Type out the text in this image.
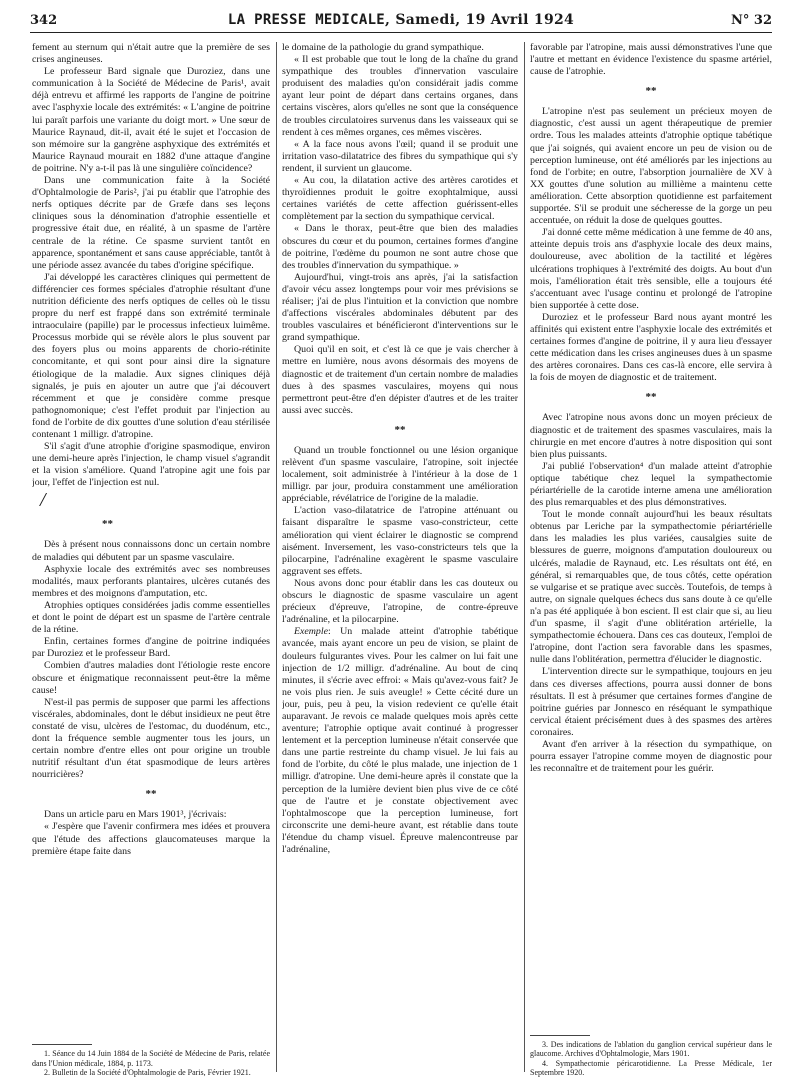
342	LA PRESSE MEDICALE, Samedi, 19 Avril 1924	N° 32

fement au sternum qui n'était autre que la première de ses crises angineuses.

Le professeur Bard signale que Duroziez, dans une communication à la Société de Médecine de Paris¹, avait déjà entrevu et affirmé les rapports de l'angine de poitrine avec l'asphyxie locale des extrémités: « L'angine de poitrine lui paraît parfois une variante du doigt mort. » Une sœur de Maurice Raynaud, dit-il, avait été le sujet et l'occasion de son mémoire sur la gangrène asphyxique des extrémités et Maurice Raynaud mourait en 1882 d'une attaque d'angine de poitrine. N'y a-t-il pas là une singulière coïncidence?

Dans une communication faite à la Société d'Ophtalmologie de Paris², j'ai pu établir que l'atrophie des nerfs optiques décrite par de Græfe dans ses leçons cliniques sous la dénomination d'atrophie essentielle et progressive était due, en réalité, à un spasme de l'artère centrale de la rétine. Ce spasme survient tantôt en apparence, spontanément et sans cause appréciable, tantôt à une période assez avancée du tabes d'origine spécifique.

J'ai développé les caractères cliniques qui permettent de différencier ces formes spéciales d'atrophie résultant d'une nutrition déficiente des nerfs optiques de celles où le tissu propre du nerf est frappé dans son extrémité terminale intraoculaire (papille) par le processus infectieux luimême. Processus morbide qui se révèle alors le plus souvent par des foyers plus ou moins apparents de chorio-rétinite concomitante, et qui sont pour ainsi dire la signature étiologique de la maladie. Aux signes cliniques déjà signalés, je puis en ajouter un autre que j'ai découvert récemment et que je considère comme presque pathognomonique; c'est l'effet produit par l'injection au fond de l'orbite de dix gouttes d'une solution d'eau stérilisée contenant 1 milligr. d'atropine.

S'il s'agit d'une atrophie d'origine spasmodique, environ une demi-heure après l'injection, le champ visuel s'agrandit et la vision s'améliore. Quand l'atropine agit une fois par jour, l'effet de l'injection est nul.

/
**

Dès à présent nous connaissons donc un certain nombre de maladies qui débutent par un spasme vasculaire.

Asphyxie locale des extrémités avec ses nombreuses modalités, maux perforants plantaires, ulcères cutanés des membres et des moignons d'amputation, etc.

Atrophies optiques considérées jadis comme essentielles et dont le point de départ est un spasme de l'artère centrale de la rétine.

Enfin, certaines formes d'angine de poitrine indiquées par Duroziez et le professeur Bard.

Combien d'autres maladies dont l'étiologie reste encore obscure et énigmatique reconnaissent peut-être la même cause!

N'est-il pas permis de supposer que parmi les affections viscérales, abdominales, dont le début insidieux ne peut être constaté de visu, ulcères de l'estomac, du duodénum, etc., dont la fréquence semble augmenter tous les jours, un certain nombre d'entre elles ont pour origine un trouble nutritif résultant d'un état spasmodique de leurs artères nourricières?

**

Dans un article paru en Mars 1901³, j'écrivais:

« J'espère que l'avenir confirmera mes idées et prouvera que l'étude des affections glaucomateuses marque la première étape faite dans

1. Séance du 14 Juin 1884 de la Société de Médecine de Paris, relatée dans l'Union médicale, 1884, p. 1173.

2. Bulletin de la Société d'Ophtalmologie de Paris, Février 1921.

le domaine de la pathologie du grand sympathique.

« Il est probable que tout le long de la chaîne du grand sympathique des troubles d'innervation vasculaire produisent des maladies qu'on considérait jadis comme ayant leur point de départ dans certains organes, dans certains viscères, alors qu'elles ne sont que la conséquence de troubles circulatoires survenus dans les vaisseaux qui se rendent à ces mêmes organes, ces mêmes viscères.

« A la face nous avons l'œil; quand il se produit une irritation vaso-dilatatrice des fibres du sympathique qui s'y rendent, il survient un glaucome.

« Au cou, la dilatation active des artères carotides et thyroïdiennes produit le goitre exophtalmique, aussi certaines variétés de cette affection guérissent-elles complètement par la section du sympathique cervical.

« Dans le thorax, peut-être que bien des maladies obscures du cœur et du poumon, certaines formes d'angine de poitrine, l'œdème du poumon ne sont autre chose que des troubles d'innervation du sympathique. »

Aujourd'hui, vingt-trois ans après, j'ai la satisfaction d'avoir vécu assez longtemps pour voir mes prévisions se réaliser; j'ai de plus l'intuition et la conviction que nombre d'affections viscérales abdominales débutent par des troubles vasculaires et bénéficieront d'interventions sur le grand sympathique.

Quoi qu'il en soit, et c'est là ce que je vais chercher à mettre en lumière, nous avons désormais des moyens de diagnostic et de traitement d'un certain nombre de maladies dues à des spasmes vasculaires, moyens qui nous permettront peut-être d'en dépister d'autres et de les traiter aussi avec succès.

**

Quand un trouble fonctionnel ou une lésion organique relèvent d'un spasme vasculaire, l'atropine, soit injectée localement, soit administrée à l'intérieur à la dose de 1 milligr. par jour, produira constamment une amélioration appréciable, révélatrice de l'origine de la maladie.

L'action vaso-dilatatrice de l'atropine atténuant ou faisant disparaître le spasme vaso-constricteur, cette amélioration qui vient éclairer le diagnostic se comprend aisément. Inversement, les vaso-constricteurs tels que la pilocarpine, l'adrénaline exagèrent le spasme vasculaire aggravent ses effets.

Nous avons donc pour établir dans les cas douteux ou obscurs le diagnostic de spasme vasculaire un agent précieux d'épreuve, l'atropine, de contre-épreuve l'adrénaline, et la pilocarpine.

Exemple: Un malade atteint d'atrophie tabétique avancée, mais ayant encore un peu de vision, se plaint de douleurs fulgurantes vives. Pour les calmer on lui fait une injection de 1/2 milligr. d'adrénaline. Au bout de cinq minutes, il s'écrie avec effroi: « Mais qu'avez-vous fait? Je ne vois plus rien. Je suis aveugle! » Cette cécité dure un jour, puis, peu à peu, la vision redevient ce qu'elle était auparavant. Je revois ce malade quelques mois après cette aventure; l'atrophie optique avait continué à progresser lentement et la perception lumineuse n'était conservée que dans une partie restreinte du champ visuel. Je lui fais au fond de l'orbite, du côté le plus malade, une injection de 1 milligr. d'atropine. Une demi-heure après il constate que la perception de la lumière devient bien plus vive de ce côté que de l'autre et je constate objectivement avec l'ophtalmoscope que la perception lumineuse, fort circonscrite une demi-heure avant, est rétablie dans toute l'étendue du champ visuel. Épreuve malencontreuse par l'adrénaline,

favorable par l'atropine, mais aussi démonstratives l'une que l'autre et mettant en évidence l'existence du spasme artériel, cause de l'atrophie.

**

L'atropine n'est pas seulement un précieux moyen de diagnostic, c'est aussi un agent thérapeutique de premier ordre. Tous les malades atteints d'atrophie optique tabétique que j'ai soignés, qui avaient encore un peu de vision ou de perception lumineuse, ont été améliorés par les injections au fond de l'orbite; en outre, l'absorption journalière de XV à XX gouttes d'une solution au millième a maintenu cette amélioration. Cette absorption quotidienne est parfaitement supportée. S'il se produit une sécheresse de la gorge un peu accentuée, on réduit la dose de quelques gouttes.

J'ai donné cette même médication à une femme de 40 ans, atteinte depuis trois ans d'asphyxie locale des deux mains, douloureuse, avec abolition de la tactilité et légères ulcérations trophiques à l'extrémité des doigts. Au bout d'un mois, l'amélioration était très sensible, elle a toujours été s'accentuant avec l'usage continu et prolongé de l'atropine bien supportée à cette dose.

Duroziez et le professeur Bard nous ayant montré les affinités qui existent entre l'asphyxie locale des extrémités et certaines formes d'angine de poitrine, il y aura lieu d'essayer cette médication dans les crises angineuses dues à un spasme des artères coronaires. Dans ces cas-là encore, elle servira à la fois de moyen de diagnostic et de traitement.

**

Avec l'atropine nous avons donc un moyen précieux de diagnostic et de traitement des spasmes vasculaires, mais la chirurgie en met encore d'autres à notre disposition qui sont bien plus puissants.

J'ai publié l'observation⁴ d'un malade atteint d'atrophie optique tabétique chez lequel la sympathectomie périartérielle de la carotide interne amena une amélioration des plus remarquables et des plus démonstratives.

Tout le monde connaît aujourd'hui les beaux résultats obtenus par Leriche par la sympathectomie périartérielle dans les maladies les plus variées, causalgies suite de blessures de guerre, moignons d'amputation douloureux ou ulcérés, maladie de Raynaud, etc. Les résultats ont été, en général, si remarquables que, de tous côtés, cette opération se vulgarise et se pratique avec succès. Toutefois, de temps à autre, on signale quelques échecs dus sans doute à ce qu'elle n'a pas été appliquée à bon escient. Il est clair que si, au lieu d'un spasme, il s'agit d'une oblitération artérielle, la sympathectomie échouera. Dans ces cas douteux, l'emploi de l'atropine, dont l'action sera favorable dans les spasmes, nulle dans l'oblitération, permettra d'élucider le diagnostic.

L'intervention directe sur le sympathique, toujours en jeu dans ces diverses affections, pourra aussi donner de bons résultats. Il est à présumer que certaines formes d'angine de poitrine guéries par Jonnesco en réséquant le sympathique cervical étaient précisément dues à des spasmes des artères coronaires.

Avant d'en arriver à la résection du sympathique, on pourra essayer l'atropine comme moyen de diagnostic pour les reconnaître et de traitement pour les guérir.

3. Des indications de l'ablation du ganglion cervical supérieur dans le glaucome. Archives d'Ophtalmologie, Mars 1901.

4. Sympathectomie péricarotidienne. La Presse Médicale, 1er Septembre 1920.
